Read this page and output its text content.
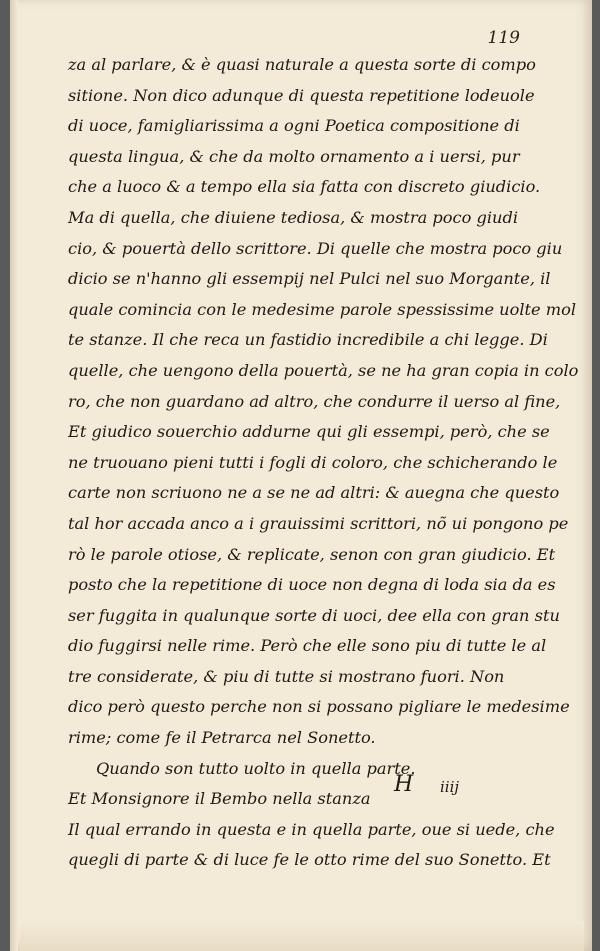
119
za al parlare, & è quasi naturale a questa sorte di compo
sitione. Non dico adunque di questa repetitione lodeuole
di uoce, famigliarissima a ogni Poetica compositione di
questa lingua, & che da molto ornamento a i uersi, pur
che a luoco & a tempo ella sia fatta con discreto giudicio.
Ma di quella, che diuiene tediosa, & mostra poco giudi
cio, & pouertà dello scrittore. Di quelle che mostra poco giu
dicio se n'hanno gli essempij nel Pulci nel suo Morgante, il
quale comincia con le medesime parole spessissime uolte mol
te stanze. Il che reca un fastidio incredibile a chi legge. Di
quelle, che uengono della pouertà, se ne ha gran copia in colo
ro, che non guardano ad altro, che condurre il uerso al fine,
Et giudico souerchio addurne qui gli essempi, però, che se
ne truouano pieni tutti i fogli di coloro, che schicherando le
carte non scriuono ne a se ne ad altri: & auegna che questo
tal hor accada anco a i grauissimi scrittori, nõ ui pongono pe
rò le parole otiose, & replicate, senon con gran giudicio. Et
posto che la repetitione di uoce non degna di loda sia da es
ser fuggita in qualunque sorte di uoci, dee ella con gran stu
dio fuggirsi nelle rime. Però che elle sono piu di tutte le al
tre considerate, & piu di tutte si mostrano fuori. Non
dico però questo perche non si possano pigliare le medesime
rime; come fe il Petrarca nel Sonetto.
Quando son tutto uolto in quella parte.
Et Monsignore il Bembo nella stanza
Il qual errando in questa e in quella parte, oue si uede, che
quegli di parte & di luce fe le otto rime del suo Sonetto. Et
H iiij
